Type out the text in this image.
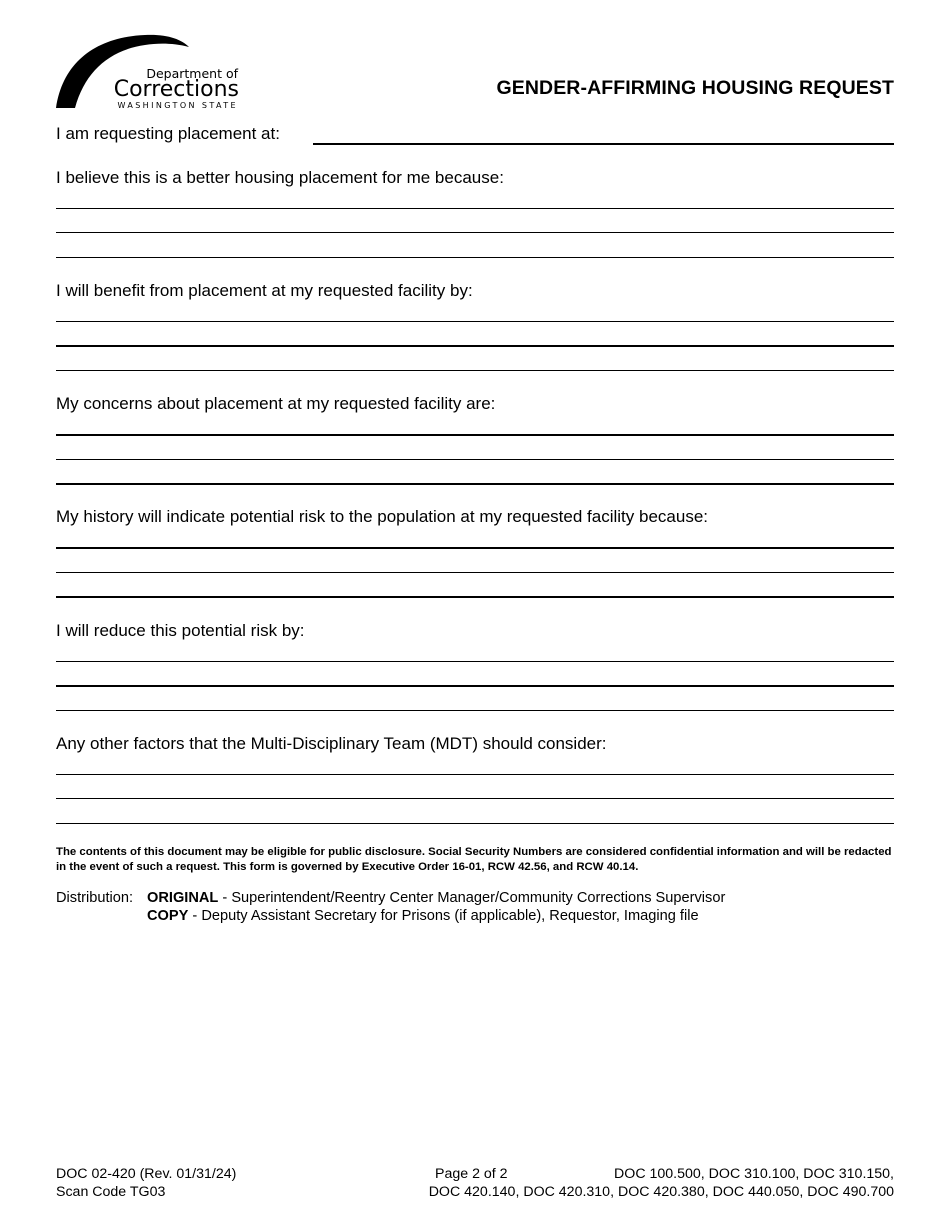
Department of
Corrections
WASHINGTON STATE
GENDER-AFFIRMING HOUSING REQUEST
I am requesting placement at:
I believe this is a better housing placement for me because:
I will benefit from placement at my requested facility by:
My concerns about placement at my requested facility are:
My history will indicate potential risk to the population at my requested facility because:
I will reduce this potential risk by:
Any other factors that the Multi-Disciplinary Team (MDT) should consider:
The contents of this document may be eligible for public disclosure. Social Security Numbers are considered confidential information and will be redacted in the event of such a request. This form is governed by Executive Order 16-01, RCW 42.56, and RCW 40.14.
Distribution: ORIGINAL - Superintendent/Reentry Center Manager/Community Corrections Supervisor
COPY - Deputy Assistant Secretary for Prisons (if applicable), Requestor, Imaging file
DOC 02-420 (Rev. 01/31/24)
Scan Code TG03
Page 2 of 2	DOC 100.500, DOC 310.100, DOC 310.150,
DOC 420.140, DOC 420.310, DOC 420.380, DOC 440.050, DOC 490.700
